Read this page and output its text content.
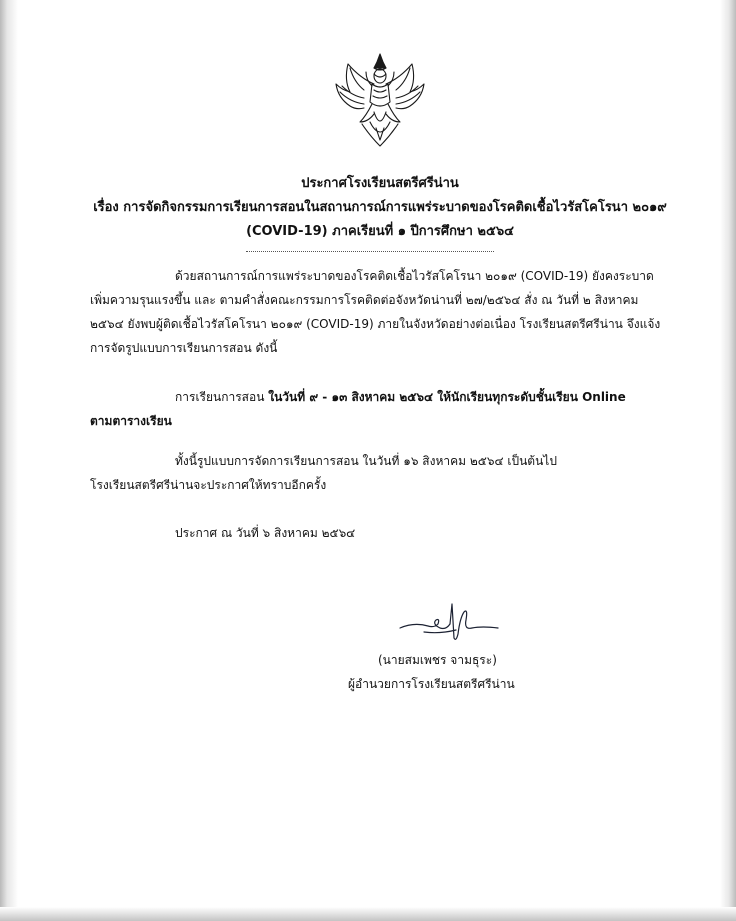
ประกาศโรงเรียนสตรีศรีน่าน
เรื่อง การจัดกิจกรรมการเรียนการสอนในสถานการณ์การแพร่ระบาดของโรคติดเชื้อไวรัสโคโรนา ๒๐๑๙
(COVID-19) ภาคเรียนที่ ๑ ปีการศึกษา ๒๕๖๔
ด้วยสถานการณ์การแพร่ระบาดของโรคติดเชื้อไวรัสโคโรนา ๒๐๑๙ (COVID-19) ยังคงระบาด
เพิ่มความรุนแรงขึ้น และ ตามคำสั่งคณะกรรมการโรคติดต่อจังหวัดน่านที่ ๒๗/๒๕๖๔ สั่ง ณ วันที่ ๒ สิงหาคม
๒๕๖๔ ยังพบผู้ติดเชื้อไวรัสโคโรนา ๒๐๑๙ (COVID-19) ภายในจังหวัดอย่างต่อเนื่อง โรงเรียนสตรีศรีน่าน จึงแจ้ง
การจัดรูปแบบการเรียนการสอน ดังนี้
การเรียนการสอน ในวันที่ ๙ - ๑๓ สิงหาคม ๒๕๖๔ ให้นักเรียนทุกระดับชั้นเรียน Online
ตามตารางเรียน
ทั้งนี้รูปแบบการจัดการเรียนการสอน ในวันที่ ๑๖ สิงหาคม ๒๕๖๔ เป็นต้นไป
โรงเรียนสตรีศรีน่านจะประกาศให้ทราบอีกครั้ง
ประกาศ ณ วันที่ ๖ สิงหาคม ๒๕๖๔
(นายสมเพชร จามธุระ)
ผู้อำนวยการโรงเรียนสตรีศรีน่าน
